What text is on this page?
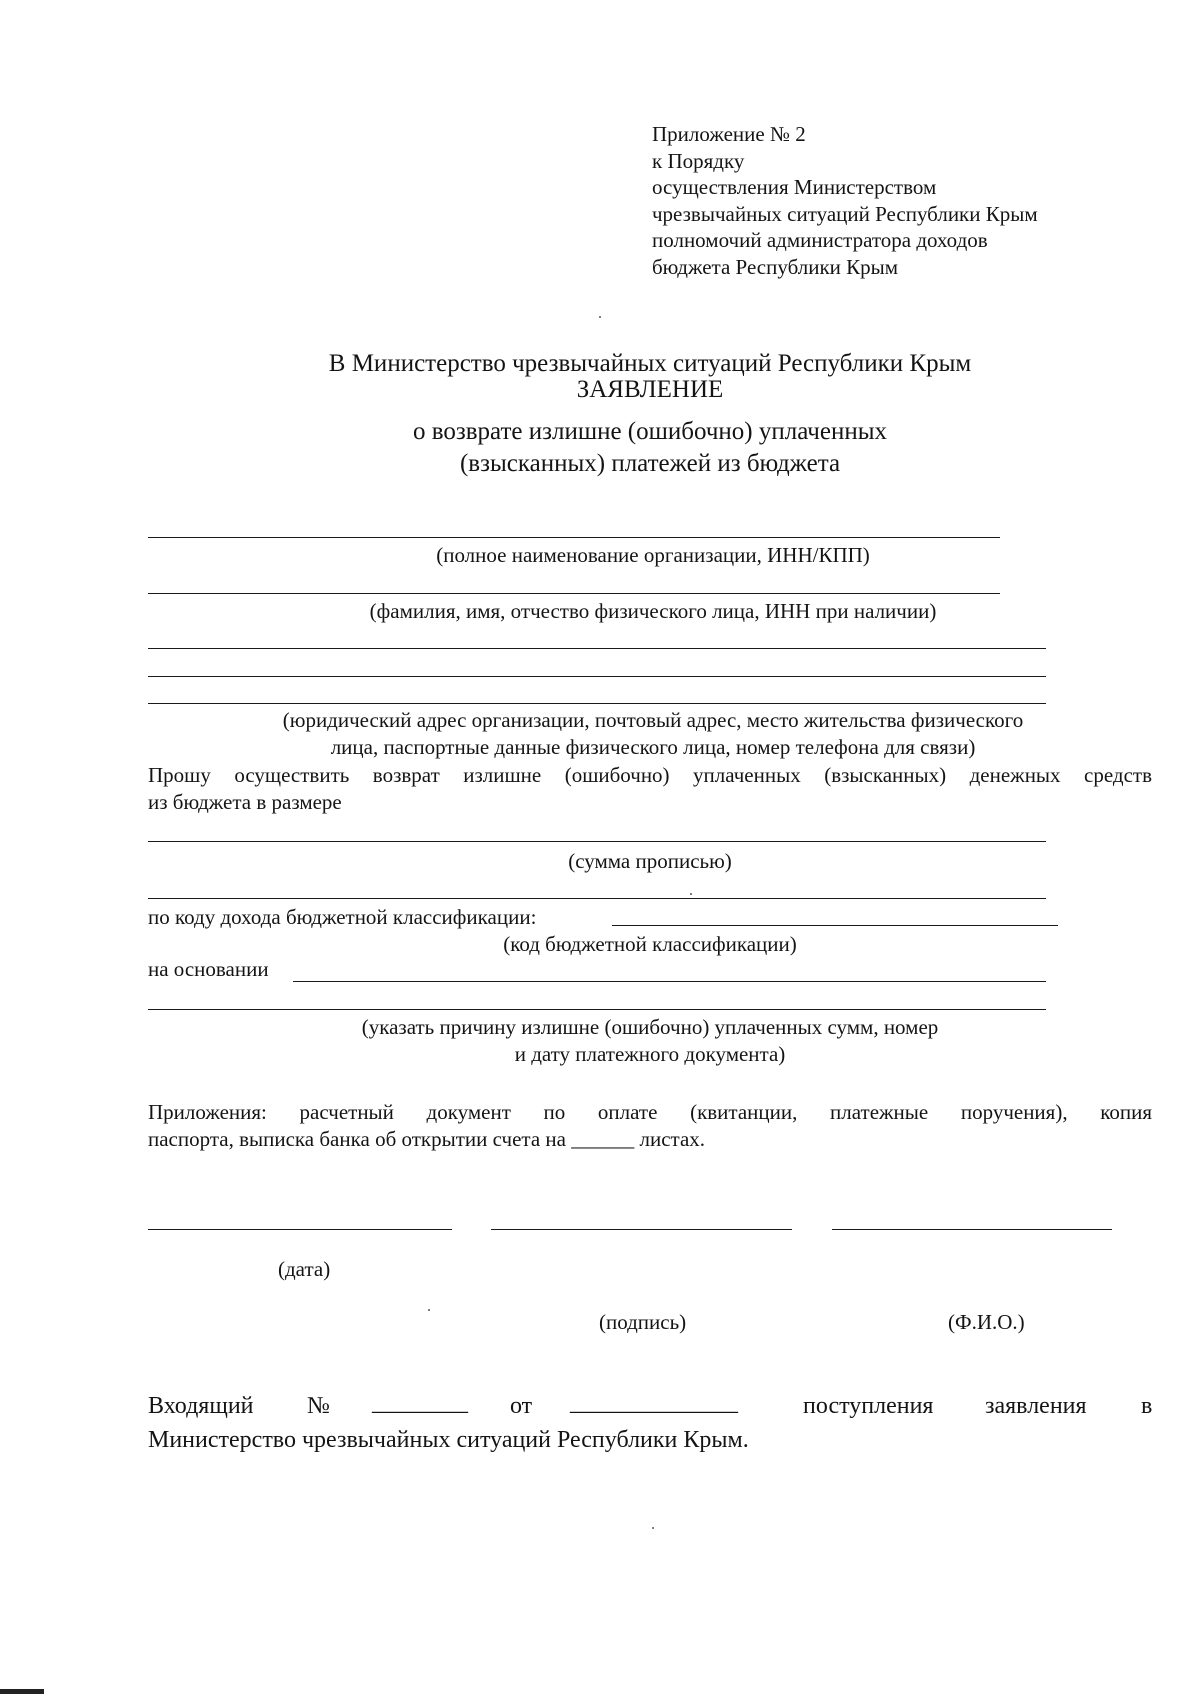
Приложение № 2
к Порядку
осуществления Министерством
чрезвычайных ситуаций Республики Крым
полномочий администратора доходов
бюджета Республики Крым
В Министерство чрезвычайных ситуаций Республики Крым
ЗАЯВЛЕНИЕ
о возврате излишне (ошибочно) уплаченных
(взысканных) платежей из бюджета
(полное наименование организации, ИНН/КПП)
(фамилия, имя, отчество физического лица, ИНН при наличии)
(юридический адрес организации, почтовый адрес, место жительства физического
лица, паспортные данные физического лица, номер телефона для связи)
Прошу осуществить возврат излишне (ошибочно) уплаченных (взысканных) денежных средств
из бюджета в размере
(сумма прописью)
по коду дохода бюджетной классификации:
(код бюджетной классификации)
на основании
(указать причину излишне (ошибочно) уплаченных сумм, номер
и дату платежного документа)
Приложения: расчетный документ по оплате (квитанции, платежные поручения), копия
паспорта, выписка банка об открытии счета на ______ листах.
(дата)
(подпись)	(Ф.И.О.)
Входящий № ________ от ______________	поступления заявления в
Министерство чрезвычайных ситуаций Республики Крым.
